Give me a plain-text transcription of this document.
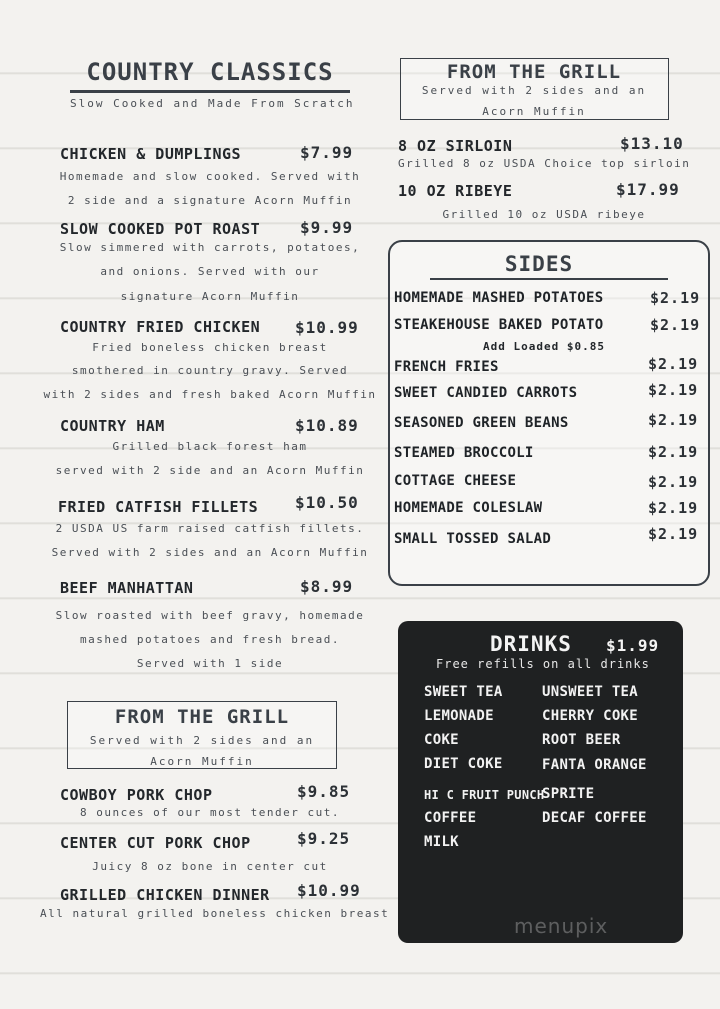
COUNTRY CLASSICS
Slow Cooked and Made From Scratch
CHICKEN & DUMPLINGS	$7.99
Homemade and slow cooked. Served with
2 side and a signature Acorn Muffin
SLOW COOKED POT ROAST $9.99
Slow simmered with carrots, potatoes,
and onions. Served with our
signature Acorn Muffin
COUNTRY FRIED CHICKEN $10.99
Fried boneless chicken breast
smothered in country gravy. Served
with 2 sides and fresh baked Acorn Muffin
COUNTRY HAM	$10.89
Grilled black forest ham
served with 2 side and an Acorn Muffin
FRIED CATFISH FILLETS $10.50
2 USDA US farm raised catfish fillets.
Served with 2 sides and an Acorn Muffin
BEEF MANHATTAN	$8.99
Slow roasted with beef gravy, homemade
mashed potatoes and fresh bread.
Served with 1 side
FROM THE GRILL
Served with 2 sides and an
Acorn Muffin
COWBOY PORK CHOP	$9.85
8 ounces of our most tender cut.
CENTER CUT PORK CHOP	$9.25
Juicy 8 oz bone in center cut
GRILLED CHICKEN DINNER $10.99
All natural grilled boneless chicken breast
FROM THE GRILL
Served with 2 sides and an
Acorn Muffin
8 OZ SIRLOIN	$13.10
Grilled 8 oz USDA Choice top sirloin
10 OZ RIBEYE	$17.99
Grilled 10 oz USDA ribeye
SIDES
HOMEMADE MASHED POTATOES	$2.19
STEAKEHOUSE BAKED POTATO	$2.19
Add Loaded $0.85
FRENCH FRIES	$2.19
SWEET CANDIED CARROTS	$2.19
SEASONED GREEN BEANS	$2.19
STEAMED BROCCOLI	$2.19
COTTAGE CHEESE	$2.19
HOMEMADE COLESLAW	$2.19
SMALL TOSSED SALAD	$2.19
DRINKS $1.99
Free refills on all drinks
SWEET TEA
LEMONADE
COKE
DIET COKE
HI C FRUIT PUNCH
COFFEE
MILK
UNSWEET TEA
CHERRY COKE
ROOT BEER
FANTA ORANGE
SPRITE
DECAF COFFEE
menupix
